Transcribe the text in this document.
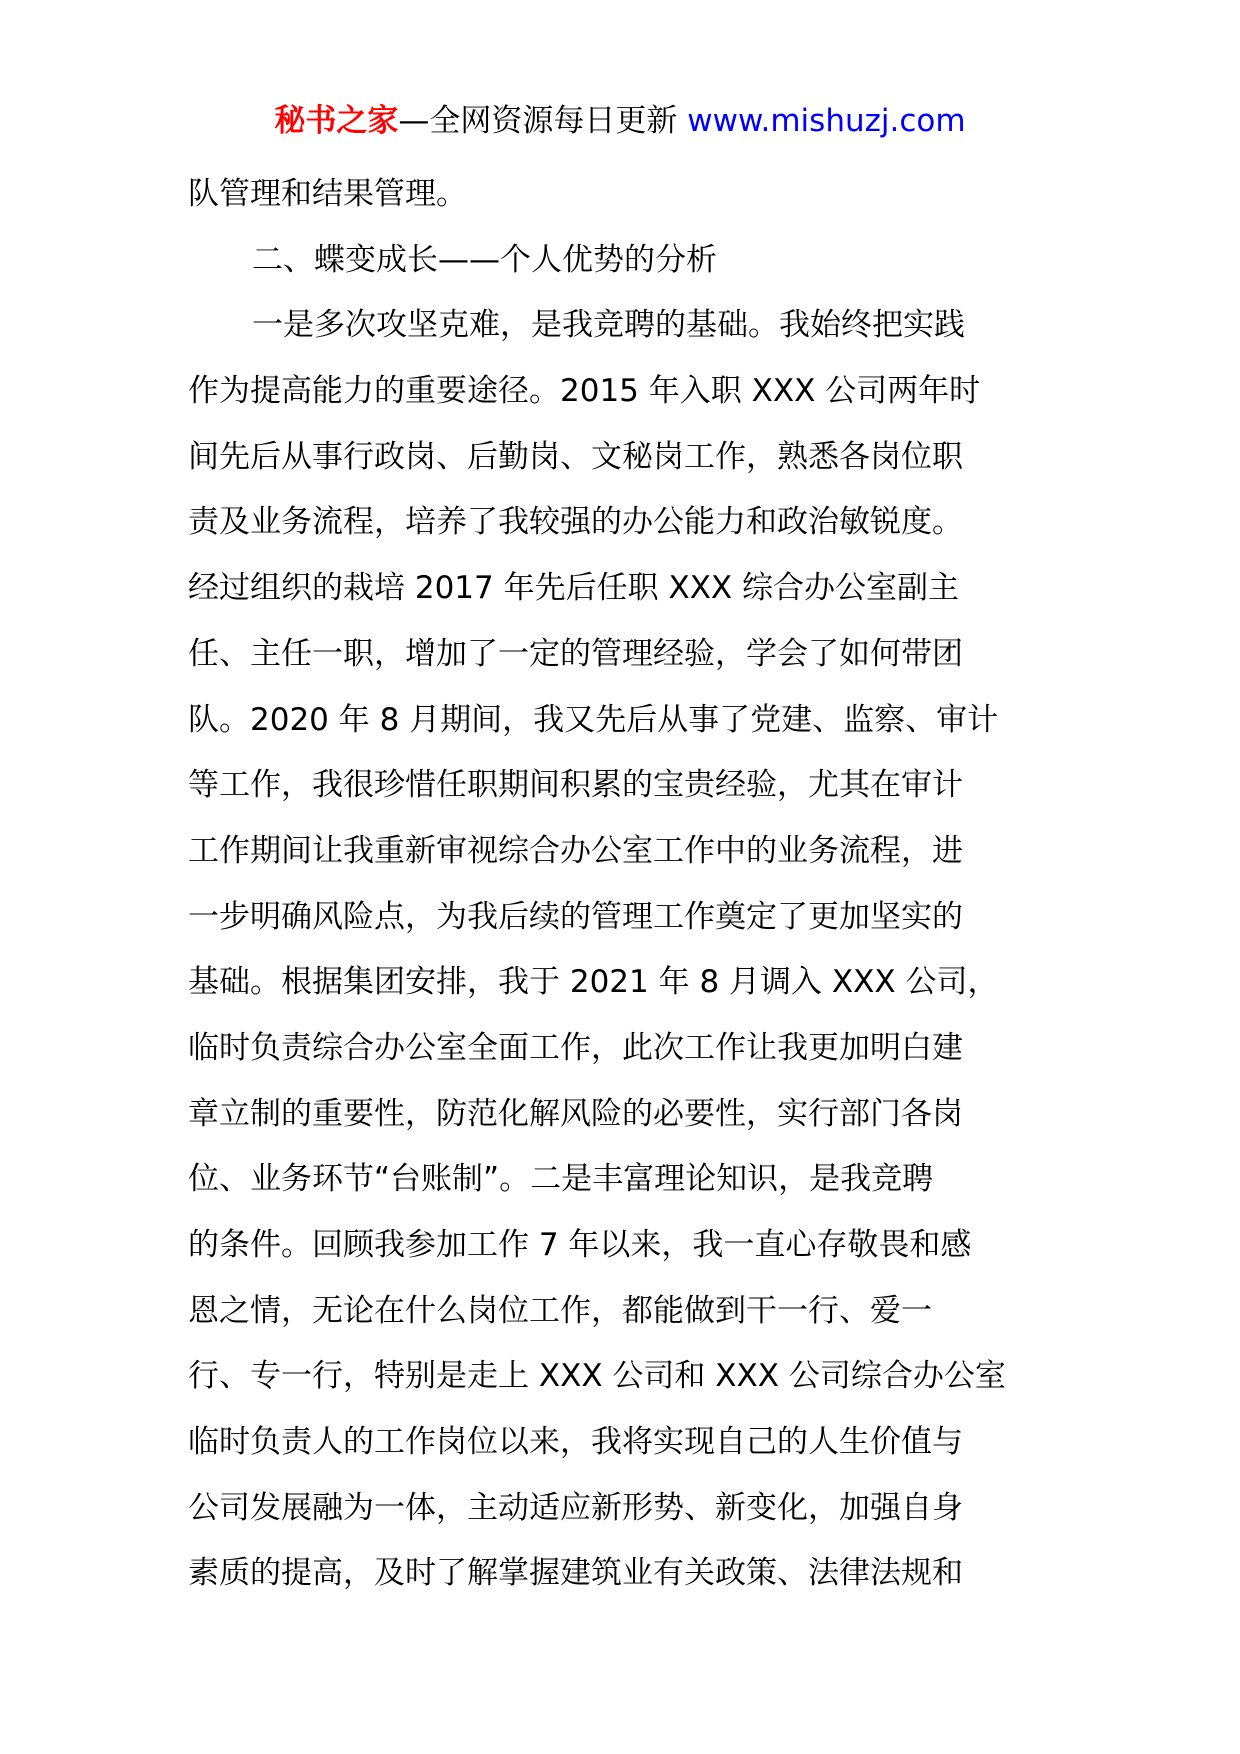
秘书之家—全网资源每日更新 www.mishuzj.com
队管理和结果管理。
二、蝶变成长——个人优势的分析
一是多次攻坚克难，是我竞聘的基础。我始终把实践
作为提高能力的重要途径。2015 年入职 XXX 公司两年时
间先后从事行政岗、后勤岗、文秘岗工作，熟悉各岗位职
责及业务流程，培养了我较强的办公能力和政治敏锐度。
经过组织的栽培 2017 年先后任职 XXX 综合办公室副主
任、主任一职，增加了一定的管理经验，学会了如何带团
队。2020 年 8 月期间，我又先后从事了党建、监察、审计
等工作，我很珍惜任职期间积累的宝贵经验，尤其在审计
工作期间让我重新审视综合办公室工作中的业务流程，进
一步明确风险点，为我后续的管理工作奠定了更加坚实的
基础。根据集团安排，我于 2021 年 8 月调入 XXX 公司，
临时负责综合办公室全面工作，此次工作让我更加明白建
章立制的重要性，防范化解风险的必要性，实行部门各岗
位、业务环节“台账制”。二是丰富理论知识，是我竞聘
的条件。回顾我参加工作 7 年以来，我一直心存敬畏和感
恩之情，无论在什么岗位工作，都能做到干一行、爱一
行、专一行，特别是走上 XXX 公司和 XXX 公司综合办公室
临时负责人的工作岗位以来，我将实现自己的人生价值与
公司发展融为一体，主动适应新形势、新变化，加强自身
素质的提高，及时了解掌握建筑业有关政策、法律法规和
